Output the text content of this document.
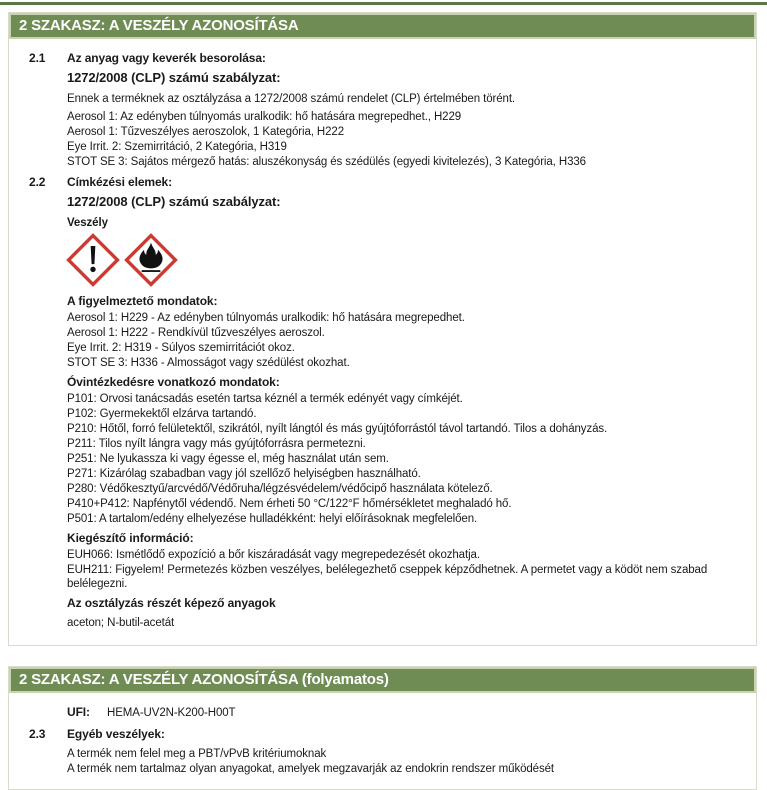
2 SZAKASZ: A VESZÉLY AZONOSÍTÁSA
2.1 Az anyag vagy keverék besorolása:
1272/2008 (CLP) számú szabályzat:
Ennek a terméknek az osztályzása a 1272/2008 számú rendelet (CLP) értelmében törént.
Aerosol 1: Az edényben túlnyomás uralkodik: hő hatására megrepedhet., H229
Aerosol 1: Tűzveszélyes aeroszolok, 1 Kategória, H222
Eye Irrit. 2: Szemirritáció, 2 Kategória, H319
STOT SE 3: Sajátos mérgező hatás: aluszékonyság és szédülés (egyedi kivitelezés), 3 Kategória, H336
2.2 Címkézési elemek:
1272/2008 (CLP) számú szabályzat:
Veszély
A figyelmeztető mondatok:
Aerosol 1: H229 - Az edényben túlnyomás uralkodik: hő hatására megrepedhet.
Aerosol 1: H222 - Rendkívül tűzveszélyes aeroszol.
Eye Irrit. 2: H319 - Súlyos szemirritációt okoz.
STOT SE 3: H336 - Almosságot vagy szédülést okozhat.
Óvintézkedésre vonatkozó mondatok:
P101: Orvosi tanácsadás esetén tartsa kéznél a termék edényét vagy címkéjét.
P102: Gyermekektől elzárva tartandó.
P210: Hőtől, forró felületektől, szikrától, nyílt lángtól és más gyújtóforrástól távol tartandó. Tilos a dohányzás.
P211: Tilos nyílt lángra vagy más gyújtóforrásra permetezni.
P251: Ne lyukassza ki vagy égesse el, még használat után sem.
P271: Kizárólag szabadban vagy jól szellőző helyiségben használható.
P280: Védőkesztyű/arcvédő/Védőruha/légzésvédelem/védőcipő használata kötelező.
P410+P412: Napfénytől védendő. Nem érheti 50 °C/122°F hőmérsékletet meghaladó hő.
P501: A tartalom/edény elhelyezése hulladékként: helyi előírásoknak megfelelően.
Kiegészítő információ:
EUH066: Ismétlődő expozíció a bőr kiszáradását vagy megrepedezését okozhatja.
EUH211: Figyelem! Permetezés közben veszélyes, belélegezhető cseppek képződhetnek. A permetet vagy a ködöt nem szabad belélegezni.
Az osztályzás részét képező anyagok
aceton; N-butil-acetát
2 SZAKASZ: A VESZÉLY AZONOSÍTÁSA (folyamatos)
UFI: HEMA-UV2N-K200-H00T
2.3 Egyéb veszélyek:
A termék nem felel meg a PBT/vPvB kritériumoknak
A termék nem tartalmaz olyan anyagokat, amelyek megzavarják az endokrin rendszer működését
